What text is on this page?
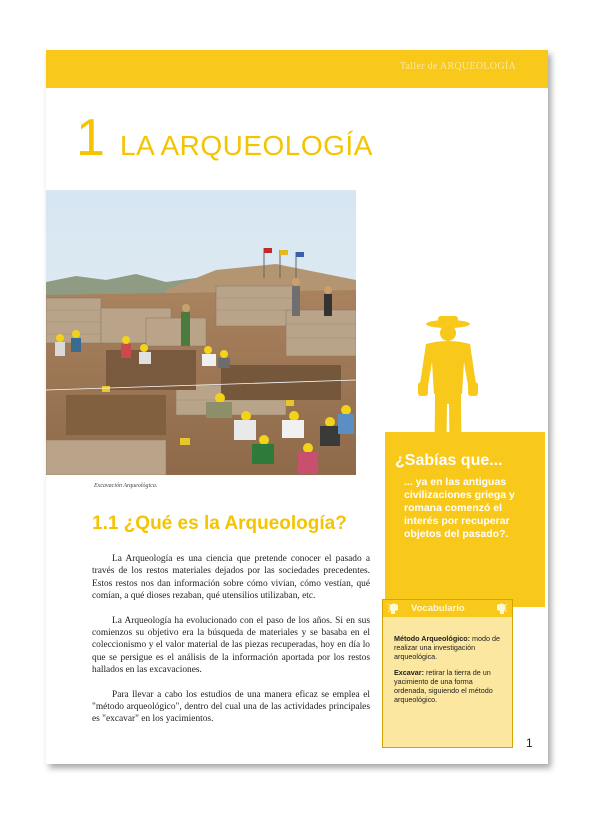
Taller de ARQUEOLOGÍA
1 LA ARQUEOLOGÍA
Excavación Arqueológica.
1.1 ¿Qué es la Arqueología?

La Arqueología es una ciencia que pretende conocer el pasado a través de los restos materiales dejados por las sociedades precedentes. Estos restos nos dan información sobre cómo vivían, cómo vestían, qué comían, a qué dioses rezaban, qué utensilios utilizaban, etc.

La Arqueología ha evolucionado con el paso de los años. Si en sus comienzos su objetivo era la búsqueda de materiales y se basaba en el coleccionismo y el valor material de las piezas recuperadas, hoy en día lo que se persigue es el análisis de la información aportada por los restos hallados en las excavaciones.

Para llevar a cabo los estudios de una manera eficaz se emplea el "método arqueológico", dentro del cual una de las actividades principales es "excavar" en los yacimientos.

¿Sabías que...
... ya en las antiguas civilizaciones griega y romana comenzó el interés por recuperar objetos del pasado?.
Vocabulario

Método Arqueológico: modo de realizar una investigación arqueológica.

Excavar: retirar la tierra de un yacimiento de una forma ordenada, siguiendo el método arqueológico.

1
